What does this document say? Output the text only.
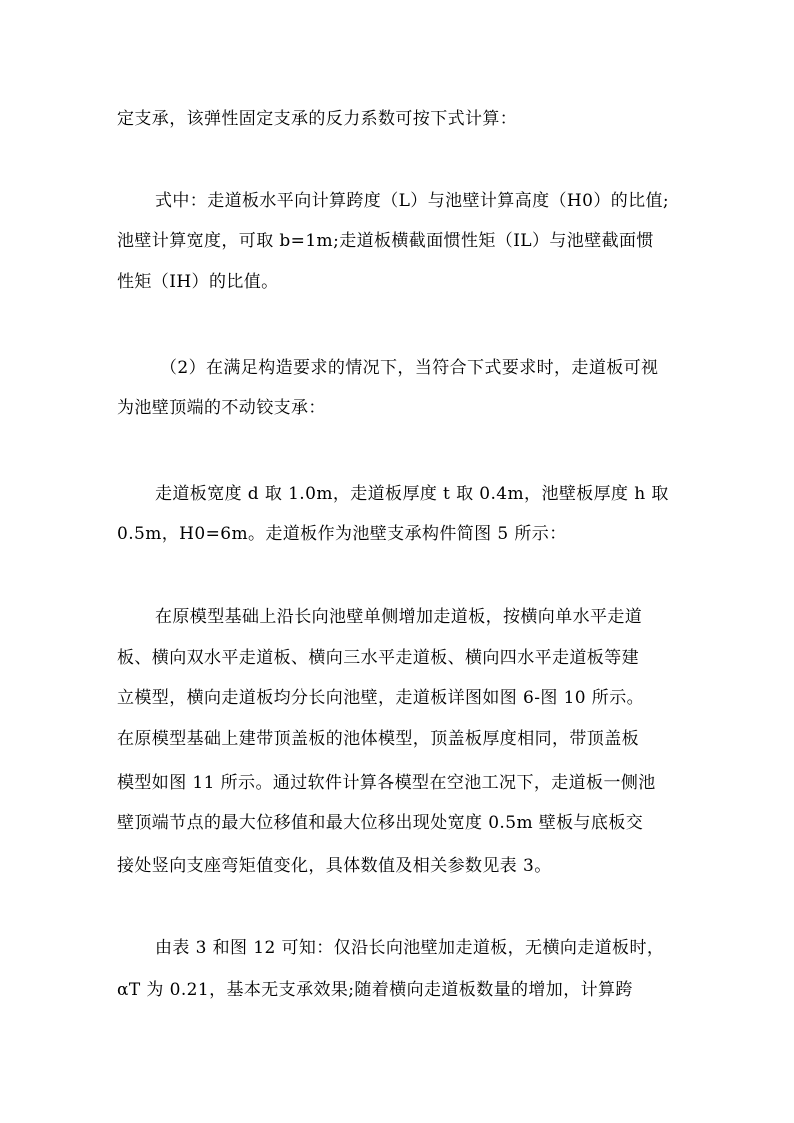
定支承，该弹性固定支承的反力系数可按下式计算：
式中：走道板水平向计算跨度（L）与池壁计算高度（H0）的比值;
池壁计算宽度，可取 b=1m;走道板横截面惯性矩（IL）与池壁截面惯
性矩（IH）的比值。
（2）在满足构造要求的情况下，当符合下式要求时，走道板可视
为池壁顶端的不动铰支承：
走道板宽度 d 取 1.0m，走道板厚度 t 取 0.4m，池壁板厚度 h 取
0.5m，H0=6m。走道板作为池壁支承构件简图 5 所示：
在原模型基础上沿长向池壁单侧增加走道板，按横向单水平走道
板、横向双水平走道板、横向三水平走道板、横向四水平走道板等建
立模型，横向走道板均分长向池壁，走道板详图如图 6-图 10 所示。
在原模型基础上建带顶盖板的池体模型，顶盖板厚度相同，带顶盖板
模型如图 11 所示。通过软件计算各模型在空池工况下，走道板一侧池
壁顶端节点的最大位移值和最大位移出现处宽度 0.5m 壁板与底板交
接处竖向支座弯矩值变化，具体数值及相关参数见表 3。
由表 3 和图 12 可知：仅沿长向池壁加走道板，无横向走道板时，
αT 为 0.21，基本无支承效果;随着横向走道板数量的增加，计算跨
